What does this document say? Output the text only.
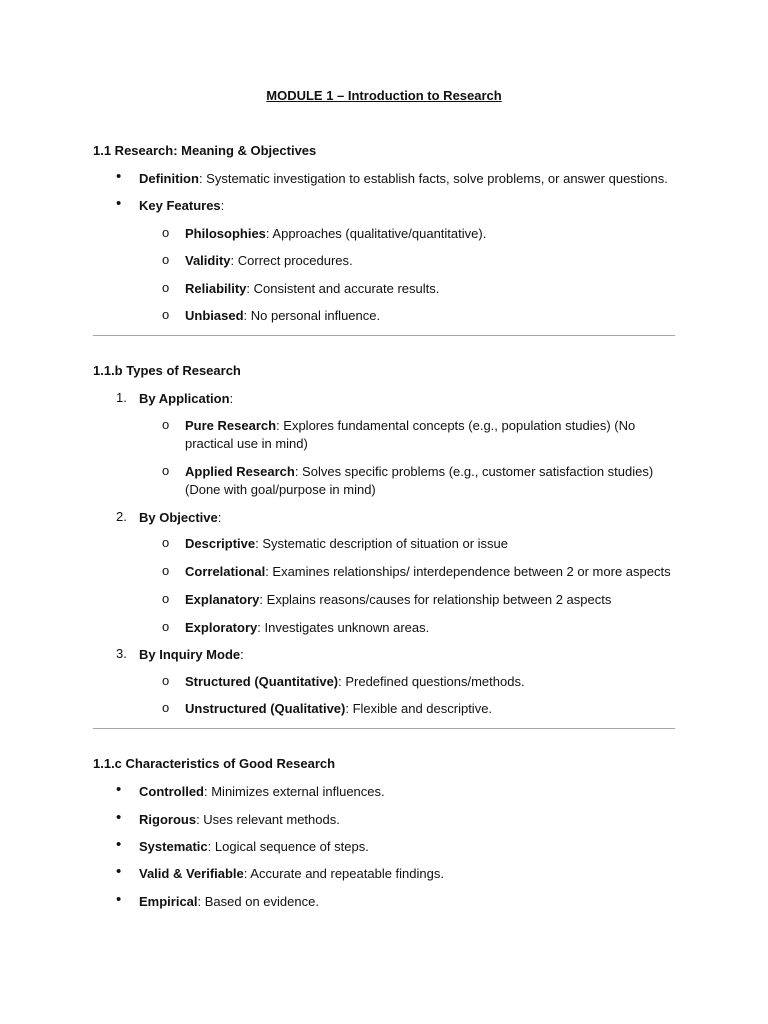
MODULE 1 – Introduction to Research
1.1 Research: Meaning & Objectives
• Definition: Systematic investigation to establish facts, solve problems, or answer questions.
• Key Features:
o Philosophies: Approaches (qualitative/quantitative).
o Validity: Correct procedures.
o Reliability: Consistent and accurate results.
o Unbiased: No personal influence.
1.1.b Types of Research
1. By Application:
o Pure Research: Explores fundamental concepts (e.g., population studies) (No practical use in mind)
o Applied Research: Solves specific problems (e.g., customer satisfaction studies) (Done with goal/purpose in mind)
2. By Objective:
o Descriptive: Systematic description of situation or issue
o Correlational: Examines relationships/ interdependence between 2 or more aspects
o Explanatory: Explains reasons/causes for relationship between 2 aspects
o Exploratory: Investigates unknown areas.
3. By Inquiry Mode:
o Structured (Quantitative): Predefined questions/methods.
o Unstructured (Qualitative): Flexible and descriptive.
1.1.c Characteristics of Good Research
• Controlled: Minimizes external influences.
• Rigorous: Uses relevant methods.
• Systematic: Logical sequence of steps.
• Valid & Verifiable: Accurate and repeatable findings.
• Empirical: Based on evidence.
